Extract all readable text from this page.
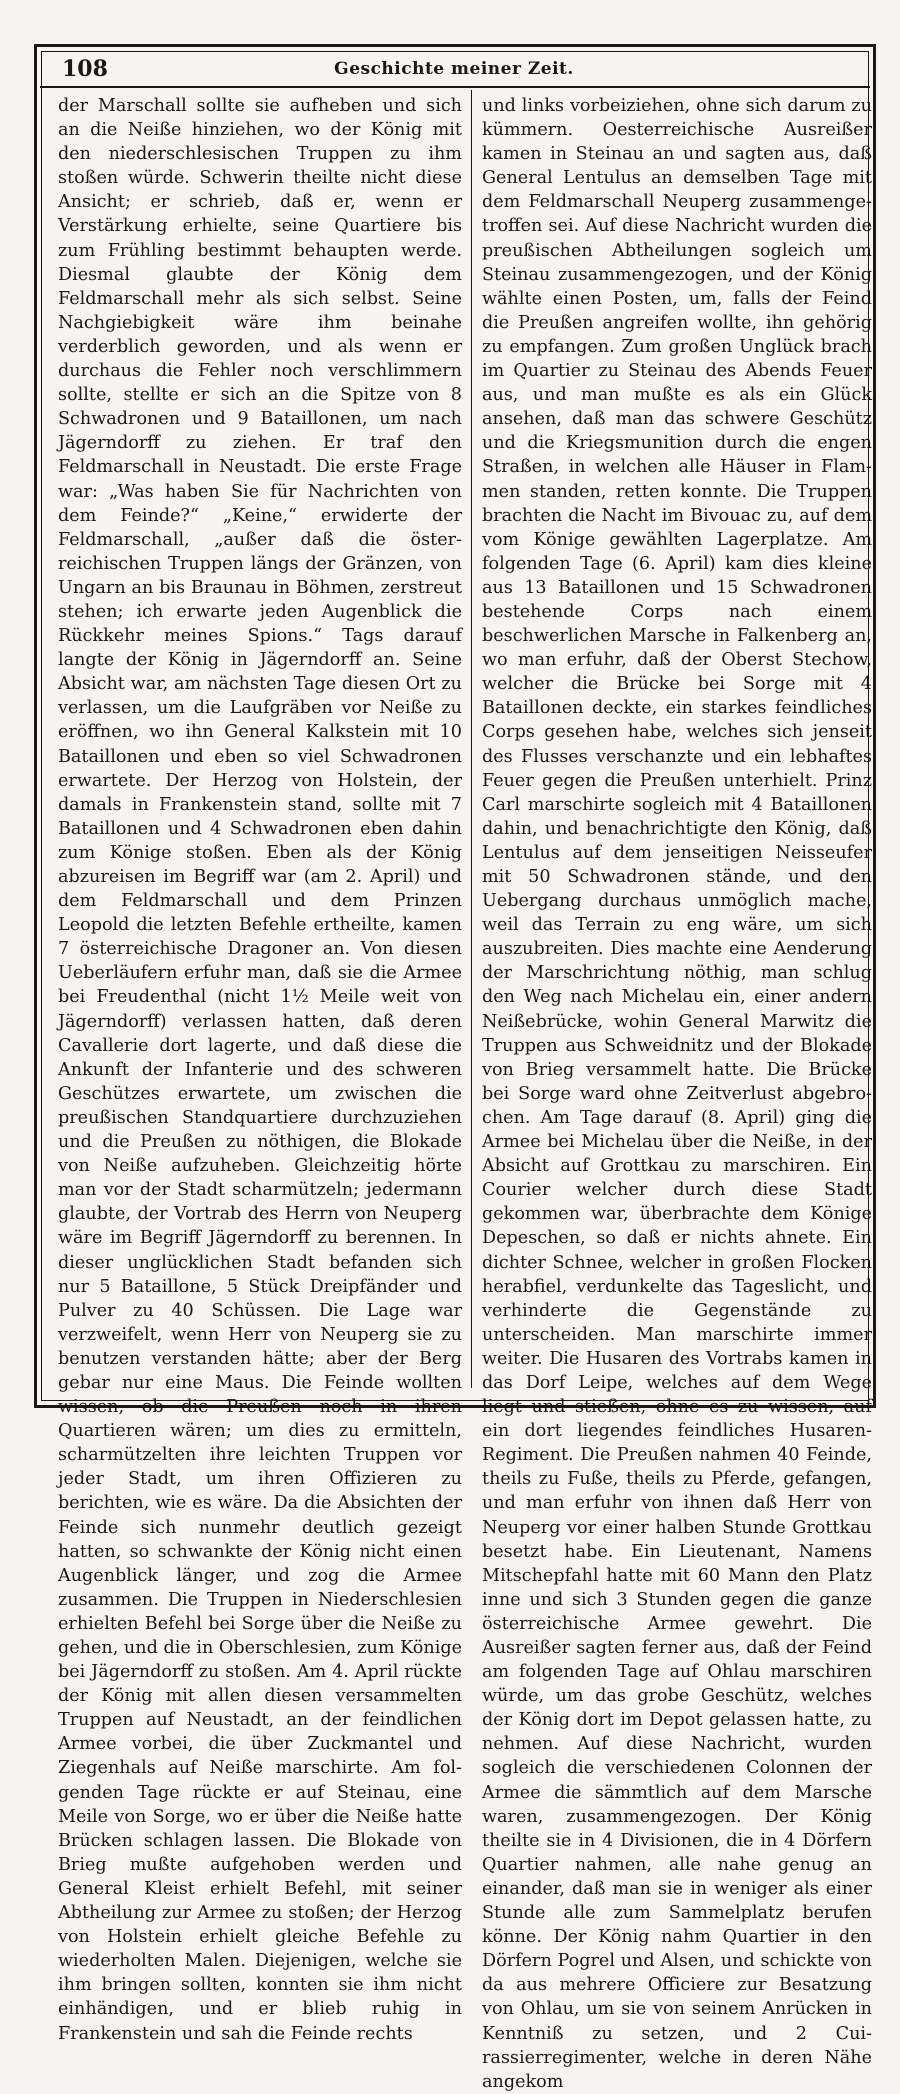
108	Geschichte meiner Zeit.

der Marschall sollte sie aufheben und sich an die Neiße hinziehen, wo der König mit den niederschlesischen Truppen zu ihm stoßen würde. Schwerin theilte nicht diese Ansicht; er schrieb, daß er, wenn er Verstärkung erhielte, seine Quartiere bis zum Frühling bestimmt behaupten werde. Diesmal glaubte der König dem Feldmarschall mehr als sich selbst. Seine Nachgiebigkeit wäre ihm beinahe verderblich geworden, und als wenn er durchaus die Fehler noch verschlimmern sollte, stellte er sich an die Spitze von 8 Schwadronen und 9 Bataillonen, um nach Jägerndorff zu ziehen. Er traf den Feldmarschall in Neustadt. Die erste Frage war: „Was haben Sie für Nachrichten von dem Feinde?“ „Keine,“ erwiderte der Feldmarschall, „außer daß die österreichischen Truppen längs der Gränzen, von Ungarn an bis Braunau in Böhmen, zerstreut stehen; ich erwarte jeden Augenblick die Rückkehr meines Spions.“ Tags darauf langte der König in Jägerndorff an. Seine Absicht war, am nächsten Tage diesen Ort zu verlassen, um die Laufgräben vor Neiße zu eröffnen, wo ihn General Kalkstein mit 10 Bataillonen und eben so viel Schwadronen erwartete. Der Herzog von Holstein, der damals in Frankenstein stand, sollte mit 7 Bataillonen und 4 Schwadronen eben dahin zum Könige stoßen. Eben als der König abzureisen im Begriff war (am 2. April) und dem Feldmarschall und dem Prinzen Leopold die letzten Befehle ertheilte, kamen 7 österreichische Dragoner an. Von diesen Ueberläufern erfuhr man, daß sie die Armee bei Freudenthal (nicht 1½ Meile weit von Jägerndorff) verlassen hatten, daß deren Cavallerie dort lagerte, und daß diese die Ankunft der Infanterie und des schweren Geschützes erwartete, um zwischen die preußischen Standquartiere durchzuziehen und die Preußen zu nöthigen, die Blokade von Neiße aufzuheben. Gleichzeitig hörte man vor der Stadt scharmützeln; jedermann glaubte, der Vortrab des Herrn von Neuperg wäre im Begriff Jägerndorff zu berennen. In dieser unglücklichen Stadt befanden sich nur 5 Bataillone, 5 Stück Dreipfänder und Pulver zu 40 Schüssen. Die Lage war verzweifelt, wenn Herr von Neuperg sie zu benutzen verstanden hätte; aber der Berg gebar nur eine Maus. Die Feinde wollten wissen, ob die Preußen noch in ihren Quartieren wären; um dies zu ermitteln, scharmützelten ihre leichten Truppen vor jeder Stadt, um ihren Offizieren zu berichten, wie es wäre. Da die Absichten der Feinde sich nunmehr deutlich gezeigt hatten, so schwankte der König nicht einen Augenblick länger, und zog die Armee zusammen. Die Truppen in Niederschlesien erhielten Befehl bei Sorge über die Neiße zu gehen, und die in Oberschlesien, zum Könige bei Jägerndorff zu stoßen. Am 4. April rückte der König mit allen diesen versammelten Truppen auf Neustadt, an der feindlichen Armee vorbei, die über Zuckmantel und Ziegenhals auf Neiße marschirte. Am folgenden Tage rückte er auf Steinau, eine Meile von Sorge, wo er über die Neiße hatte Brücken schlagen lassen. Die Blokade von Brieg mußte aufgehoben werden und General Kleist erhielt Befehl, mit seiner Abtheilung zur Armee zu stoßen; der Herzog von Holstein erhielt gleiche Befehle zu wiederholten Malen. Diejenigen, welche sie ihm bringen sollten, konnten sie ihm nicht einhändigen, und er blieb ruhig in Frankenstein und sah die Feinde rechts

und links vorbeiziehen, ohne sich darum zu kümmern. Oesterreichische Ausreißer kamen in Steinau an und sagten aus, daß General Lentulus an demselben Tage mit dem Feldmarschall Neuperg zusammengetroffen sei. Auf diese Nachricht wurden die preußischen Abtheilungen sogleich um Steinau zusammengezogen, und der König wählte einen Posten, um, falls der Feind die Preußen angreifen wollte, ihn gehörig zu empfangen. Zum großen Unglück brach im Quartier zu Steinau des Abends Feuer aus, und man mußte es als ein Glück ansehen, daß man das schwere Geschütz und die Kriegsmunition durch die engen Straßen, in welchen alle Häuser in Flammen standen, retten konnte. Die Truppen brachten die Nacht im Bivouac zu, auf dem vom Könige gewählten Lagerplatze. Am folgenden Tage (6. April) kam dies kleine aus 13 Bataillonen und 15 Schwadronen bestehende Corps nach einem beschwerlichen Marsche in Falkenberg an, wo man erfuhr, daß der Oberst Stechow, welcher die Brücke bei Sorge mit 4 Bataillonen deckte, ein starkes feindliches Corps gesehen habe, welches sich jenseit des Flusses verschanzte und ein lebhaftes Feuer gegen die Preußen unterhielt. Prinz Carl marschirte sogleich mit 4 Bataillonen dahin, und benachrichtigte den König, daß Lentulus auf dem jenseitigen Neisseufer mit 50 Schwadronen stände, und den Uebergang durchaus unmöglich mache, weil das Terrain zu eng wäre, um sich auszubreiten. Dies machte eine Aenderung der Marschrichtung nöthig, man schlug den Weg nach Michelau ein, einer andern Neißebrücke, wohin General Marwitz die Truppen aus Schweidnitz und der Blokade von Brieg versammelt hatte. Die Brücke bei Sorge ward ohne Zeitverlust abgebrochen. Am Tage darauf (8. April) ging die Armee bei Michelau über die Neiße, in der Absicht auf Grottkau zu marschiren. Ein Courier welcher durch diese Stadt gekommen war, überbrachte dem Könige Depeschen, so daß er nichts ahnete. Ein dichter Schnee, welcher in großen Flocken herabfiel, verdunkelte das Tageslicht, und verhinderte die Gegenstände zu unterscheiden. Man marschirte immer weiter. Die Husaren des Vortrabs kamen in das Dorf Leipe, welches auf dem Wege liegt und stießen, ohne es zu wissen, auf ein dort liegendes feindliches Husaren-Regiment. Die Preußen nahmen 40 Feinde, theils zu Fuße, theils zu Pferde, gefangen, und man erfuhr von ihnen daß Herr von Neuperg vor einer halben Stunde Grottkau besetzt habe. Ein Lieutenant, Namens Mitschepfahl hatte mit 60 Mann den Platz inne und sich 3 Stunden gegen die ganze österreichische Armee gewehrt. Die Ausreißer sagten ferner aus, daß der Feind am folgenden Tage auf Ohlau marschiren würde, um das grobe Geschütz, welches der König dort im Depot gelassen hatte, zu nehmen. Auf diese Nachricht, wurden sogleich die verschiedenen Colonnen der Armee die sämmtlich auf dem Marsche waren, zusammengezogen. Der König theilte sie in 4 Divisionen, die in 4 Dörfern Quartier nahmen, alle nahe genug an einander, daß man sie in weniger als einer Stunde alle zum Sammelplatz berufen könne. Der König nahm Quartier in den Dörfern Pogrel und Alsen, und schickte von da aus mehrere Officiere zur Besatzung von Ohlau, um sie von seinem Anrücken in Kenntniß zu setzen, und 2 Cuirassierregimenter, welche in deren Nähe angekom
